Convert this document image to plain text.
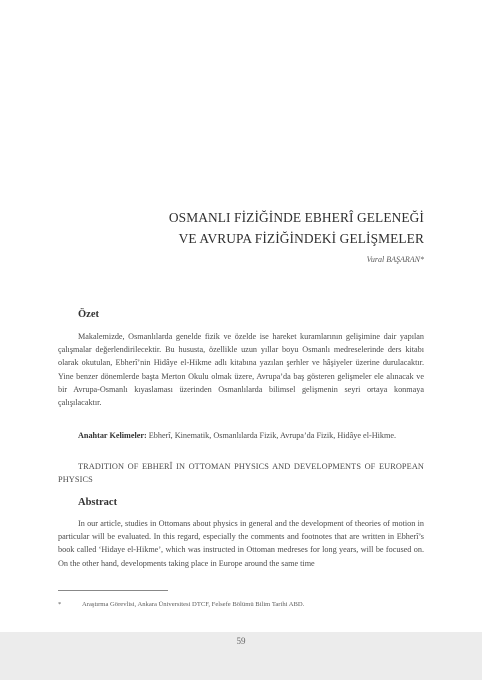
OSMANLI FİZİĞİNDE EBHERÎ GELENEĞİ
VE AVRUPA FİZİĞİNDEKİ GELİŞMELER
Vural BAŞARAN*
Özet

Makalemizde, Osmanlılarda genelde fizik ve özelde ise hareket kuramlarının gelişimine dair yapılan çalışmalar değerlendirilecektir. Bu hususta, özellikle uzun yıllar boyu Osmanlı medreselerinde ders kitabı olarak okutulan, Ebherî’nin Hidâye el-Hikme adlı kitabına yazılan şerhler ve hâşiyeler üzerine durulacaktır. Yine benzer dönemlerde başta Merton Okulu olmak üzere, Avrupa’da baş gösteren gelişmeler ele alınacak ve bir Avrupa-Osmanlı kıyaslaması üzerinden Osmanlılarda bilimsel gelişmenin seyri ortaya konmaya çalışılacaktır.

Anahtar Kelimeler: Ebherî, Kinematik, Osmanlılarda Fizik, Avrupa’da Fizik, Hidâye el-Hikme.

TRADITION OF EBHERÎ IN OTTOMAN PHYSICS AND DEVELOPMENTS OF EUROPEAN PHYSICS

Abstract

In our article, studies in Ottomans about physics in general and the development of theories of motion in particular will be evaluated. In this regard, especially the comments and footnotes that are written in Ebherî’s book called ‘Hidaye el-Hikme’, which was instructed in Ottoman medreses for long years, will be focused on. On the other hand, developments taking place in Europe around the same time

*	Araştırma Görevlisi, Ankara Üniversitesi DTCF, Felsefe Bölümü Bilim Tarihi ABD.
59
